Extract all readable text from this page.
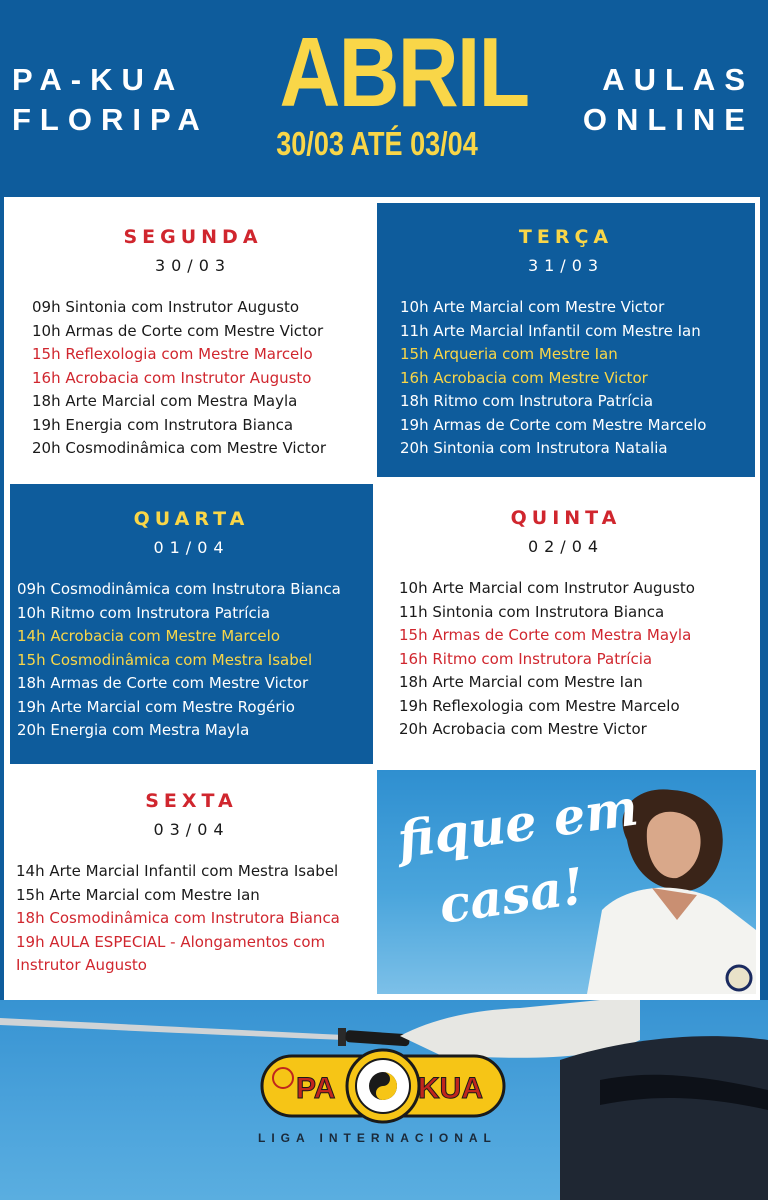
PA-KUA
FLORIPA ABRIL
30/03 ATÉ 03/04
AULAS
ONLINE
SEGUNDA
30/03
09h Sintonia com Instrutor Augusto
10h Armas de Corte com Mestre Victor
15h Reflexologia com Mestre Marcelo
16h Acrobacia com Instrutor Augusto
18h Arte Marcial com Mestra Mayla
19h Energia com Instrutora Bianca
20h Cosmodinâmica com Mestre Victor
TERÇA
31/03
10h Arte Marcial com Mestre Victor
11h Arte Marcial Infantil com Mestre Ian
15h Arqueria com Mestre Ian
16h Acrobacia com Mestre Victor
18h Ritmo com Instrutora Patrícia
19h Armas de Corte com Mestre Marcelo
20h Sintonia com Instrutora Natalia
QUARTA
01/04
09h Cosmodinâmica com Instrutora Bianca
10h Ritmo com Instrutora Patrícia
14h Acrobacia com Mestre Marcelo
15h Cosmodinâmica com Mestra Isabel
18h Armas de Corte com Mestre Victor
19h Arte Marcial com Mestre Rogério
20h Energia com Mestra Mayla
QUINTA
02/04
10h Arte Marcial com Instrutor Augusto
11h Sintonia com Instrutora Bianca
15h Armas de Corte com Mestra Mayla
16h Ritmo com Instrutora Patrícia
18h Arte Marcial com Mestre Ian
19h Reflexologia com Mestre Marcelo
20h Acrobacia com Mestre Victor
SEXTA
03/04
14h Arte Marcial Infantil com Mestra Isabel
15h Arte Marcial com Mestre Ian
18h Cosmodinâmica com Instrutora Bianca
19h AULA ESPECIAL - Alongamentos com Instrutor Augusto
fique em
casa!
PA	KUA
LIGA INTERNACIONAL
